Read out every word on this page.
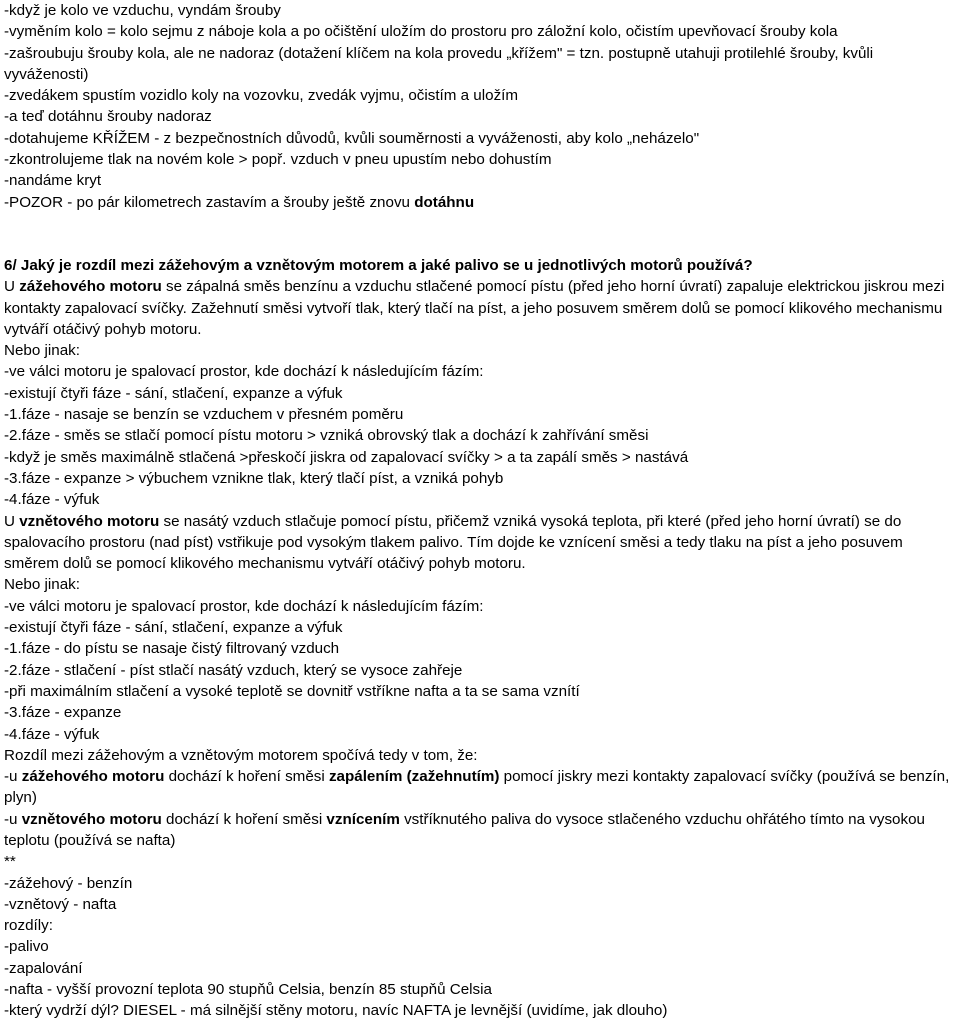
-když je kolo ve vzduchu, vyndám šrouby

-vyměním kolo = kolo sejmu z náboje kola a po očištění uložím do prostoru pro záložní kolo, očistím upevňovací šrouby kola

-zašroubuju šrouby kola, ale ne nadoraz (dotažení klíčem na kola provedu „křížem" = tzn. postupně utahuji protilehlé šrouby, kvůli vyváženosti)

-zvedákem spustím vozidlo koly na vozovku, zvedák vyjmu, očistím a uložím

-a teď dotáhnu šrouby nadoraz

-dotahujeme KŘÍŽEM - z bezpečnostních důvodů, kvůli souměrnosti a vyváženosti, aby kolo „neházelo"

-zkontrolujeme tlak na novém kole > popř. vzduch v pneu upustím nebo dohustím

-nandáme kryt

-POZOR - po pár kilometrech zastavím a šrouby ještě znovu dotáhnu

6/ Jaký je rozdíl mezi zážehovým a vznětovým motorem a jaké palivo se u jednotlivých motorů používá?

U zážehového motoru se zápalná směs benzínu a vzduchu stlačené pomocí pístu (před jeho horní úvratí) zapaluje elektrickou jiskrou mezi kontakty zapalovací svíčky. Zažehnutí směsi vytvoří tlak, který tlačí na píst, a jeho posuvem směrem dolů se pomocí klikového mechanismu vytváří otáčivý pohyb motoru.

Nebo jinak:

-ve válci motoru je spalovací prostor, kde dochází k následujícím fázím:

-existují čtyři fáze - sání, stlačení, expanze a výfuk

-1.fáze - nasaje se benzín se vzduchem v přesném poměru

-2.fáze - směs se stlačí pomocí pístu motoru > vzniká obrovský tlak a dochází k zahřívání směsi

-když je směs maximálně stlačená >přeskočí jiskra od zapalovací svíčky > a ta zapálí směs > nastává

-3.fáze - expanze > výbuchem vznikne tlak, který tlačí píst, a vzniká pohyb

-4.fáze - výfuk

U vznětového motoru se nasátý vzduch stlačuje pomocí pístu, přičemž vzniká vysoká teplota, při které (před jeho horní úvratí) se do spalovacího prostoru (nad píst) vstřikuje pod vysokým tlakem palivo. Tím dojde ke vznícení směsi a tedy tlaku na píst a jeho posuvem směrem dolů se pomocí klikového mechanismu vytváří otáčivý pohyb motoru.

Nebo jinak:

-ve válci motoru je spalovací prostor, kde dochází k následujícím fázím:

-existují čtyři fáze - sání, stlačení, expanze a výfuk

-1.fáze - do pístu se nasaje čistý filtrovaný vzduch

-2.fáze - stlačení - píst stlačí nasátý vzduch, který se vysoce zahřeje

-při maximálním stlačení a vysoké teplotě se dovnitř vstříkne nafta a ta se sama vznítí

-3.fáze - expanze

-4.fáze - výfuk

Rozdíl mezi zážehovým a vznětovým motorem spočívá tedy v tom, že:

-u zážehového motoru dochází k hoření směsi zapálením (zažehnutím) pomocí jiskry mezi kontakty zapalovací svíčky (používá se benzín, plyn)

-u vznětového motoru dochází k hoření směsi vznícením vstříknutého paliva do vysoce stlačeného vzduchu ohřátého tímto na vysokou teplotu (používá se nafta)

**

-zážehový - benzín

-vznětový - nafta

rozdíly:

-palivo

-zapalování

-nafta - vyšší provozní teplota 90 stupňů Celsia, benzín 85 stupňů Celsia

-který vydrží dýl? DIESEL - má silnější stěny motoru, navíc NAFTA je levnější (uvidíme, jak dlouho)
